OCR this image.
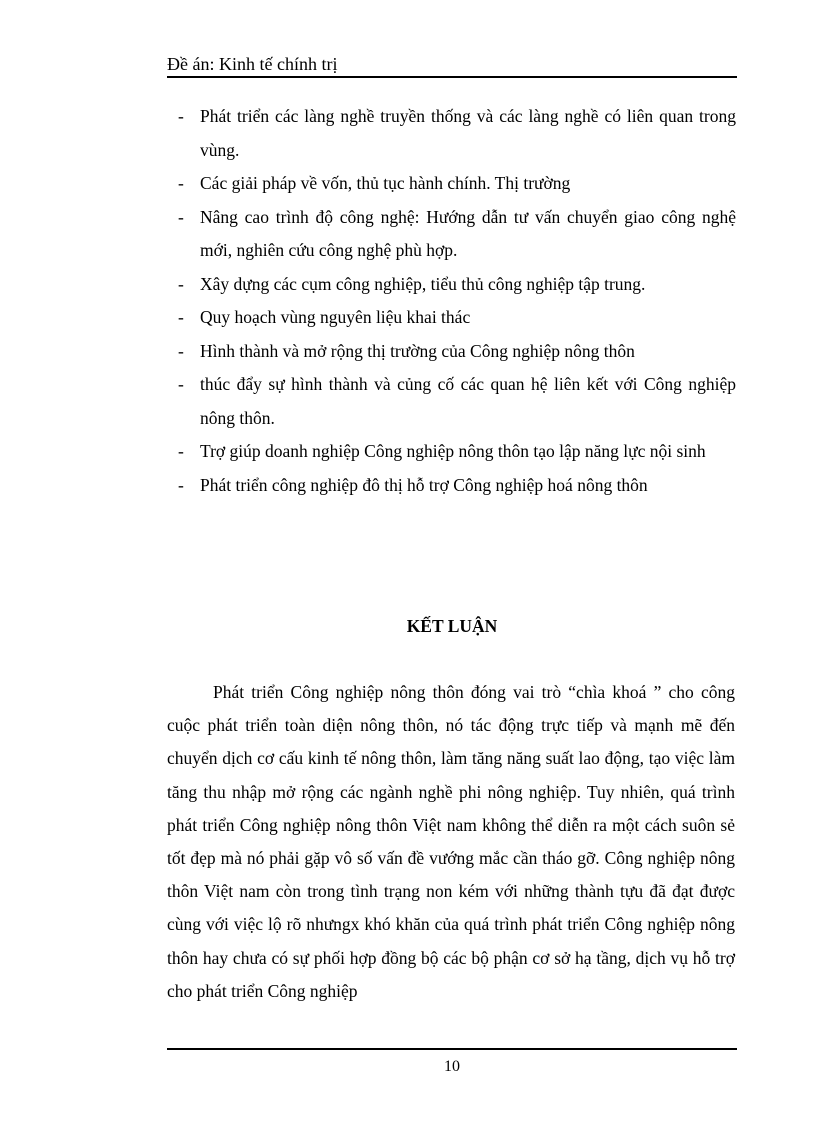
Đề án: Kinh tế chính trị
- Phát triển các làng nghề truyền thống và các làng nghề có liên quan trong vùng.
- Các giải pháp về vốn, thủ tục hành chính. Thị trường
- Nâng cao trình độ công nghệ: Hướng dẫn tư vấn chuyển giao công nghệ mới, nghiên cứu công nghệ phù hợp.
- Xây dựng các cụm công nghiệp, tiểu thủ công nghiệp tập trung.
- Quy hoạch vùng nguyên liệu khai thác
- Hình thành và mở rộng thị trường của Công nghiệp nông thôn
- thúc đẩy sự hình thành và củng cố các quan hệ liên kết với Công nghiệp nông thôn.
- Trợ giúp doanh nghiệp Công nghiệp nông thôn tạo lập năng lực nội sinh
- Phát triển công nghiệp đô thị hỗ trợ Công nghiệp hoá nông thôn
KẾT LUẬN

Phát triển Công nghiệp nông thôn đóng vai trò “chìa khoá ” cho công cuộc phát triển toàn diện nông thôn, nó tác động trực tiếp và mạnh mẽ đến chuyển dịch cơ cấu kinh tế nông thôn, làm tăng năng suất lao động, tạo việc làm tăng thu nhập mở rộng các ngành nghề phi nông nghiệp. Tuy nhiên, quá trình phát triển Công nghiệp nông thôn Việt nam không thể diễn ra một cách suôn sẻ tốt đẹp mà nó phải gặp vô số vấn đề vướng mắc cần tháo gỡ. Công nghiệp nông thôn Việt nam còn trong tình trạng non kém với những thành tựu đã đạt được cùng với việc lộ rõ nhưngx khó khăn của quá trình phát triển Công nghiệp nông thôn hay chưa có sự phối hợp đồng bộ các bộ phận cơ sở hạ tầng, dịch vụ hỗ trợ cho phát triển Công nghiệp

10
